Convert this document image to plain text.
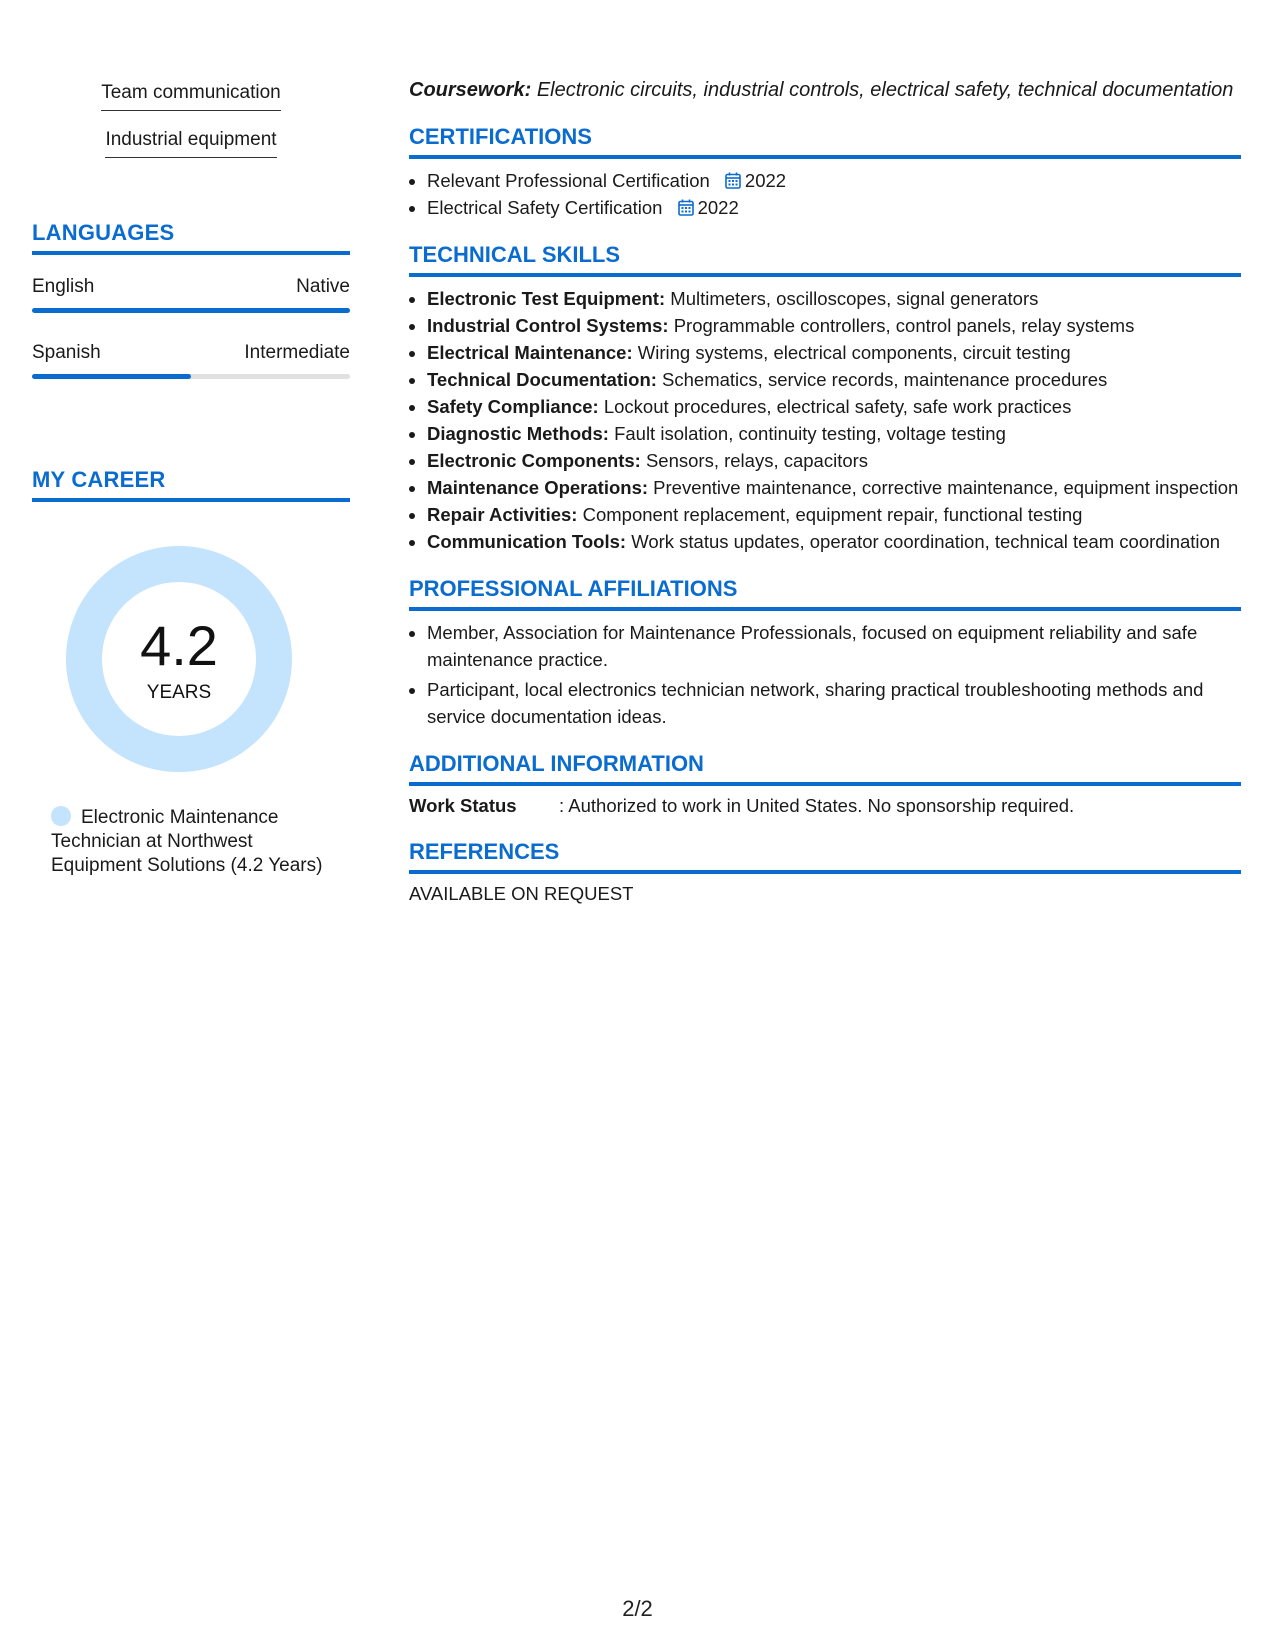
Team communication
Industrial equipment
LANGUAGES
English	Native
Spanish	Intermediate
MY CAREER
4.2
YEARS
Electronic Maintenance Technician at Northwest Equipment Solutions (4.2 Years)
Coursework: Electronic circuits, industrial controls, electrical safety, technical documentation
CERTIFICATIONS
• Relevant Professional Certification 2022
• Electrical Safety Certification 2022
TECHNICAL SKILLS
• Electronic Test Equipment: Multimeters, oscilloscopes, signal generators
• Industrial Control Systems: Programmable controllers, control panels, relay systems
• Electrical Maintenance: Wiring systems, electrical components, circuit testing
• Technical Documentation: Schematics, service records, maintenance procedures
• Safety Compliance: Lockout procedures, electrical safety, safe work practices
• Diagnostic Methods: Fault isolation, continuity testing, voltage testing
• Electronic Components: Sensors, relays, capacitors
• Maintenance Operations: Preventive maintenance, corrective maintenance, equipment inspection
• Repair Activities: Component replacement, equipment repair, functional testing
• Communication Tools: Work status updates, operator coordination, technical team coordination
PROFESSIONAL AFFILIATIONS
• Member, Association for Maintenance Professionals, focused on equipment reliability and safe maintenance practice.
• Participant, local electronics technician network, sharing practical troubleshooting methods and service documentation ideas.
ADDITIONAL INFORMATION
Work Status	: Authorized to work in United States. No sponsorship required.
REFERENCES
AVAILABLE ON REQUEST
2/2
